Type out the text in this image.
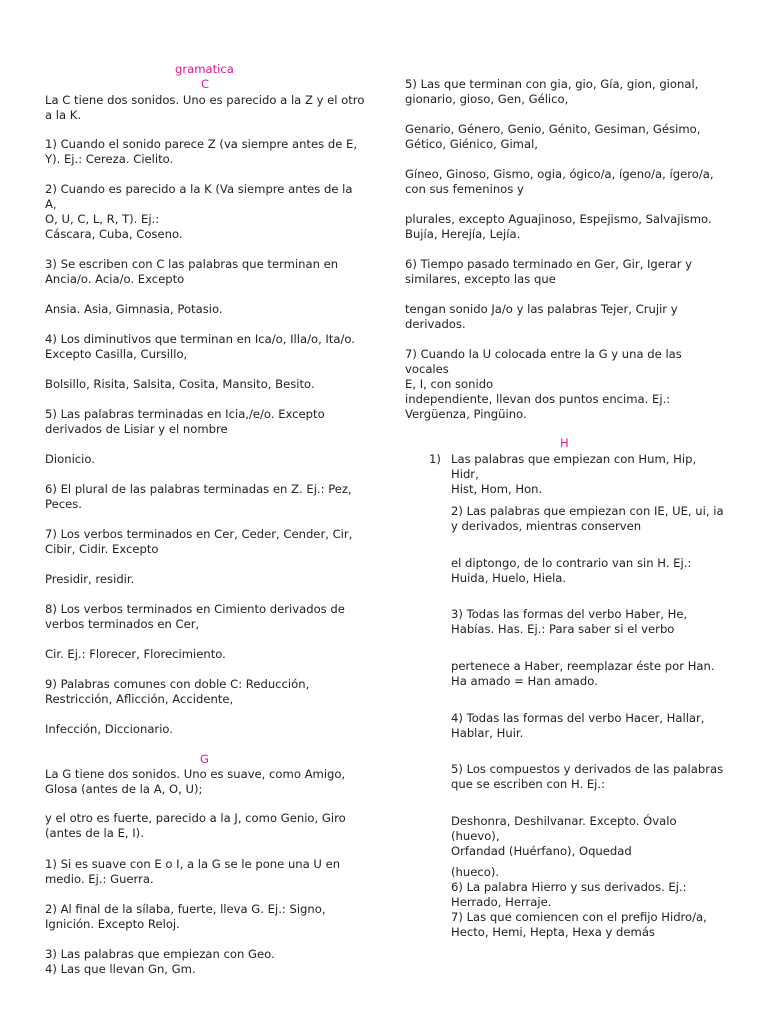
gramatica
C

La C tiene dos sonidos. Uno es parecido a la Z y el otro
a la K.

1) Cuando el sonido parece Z (va siempre antes de E,
Y). Ej.: Cereza. Cielito.

2) Cuando es parecido a la K (Va siempre antes de la A,
O, U, C, L, R, T). Ej.:

Cáscara, Cuba, Coseno.

3) Se escriben con C las palabras que terminan en
Ancia/o. Acia/o. Excepto

Ansia. Asia, Gimnasia, Potasio.

4) Los diminutivos que terminan en Ica/o, Illa/o, Ita/o.
Excepto Casilla, Cursillo,

Bolsillo, Risita, Salsita, Cosita, Mansito, Besito.

5) Las palabras terminadas en Icia,/e/o. Excepto
derivados de Lisiar y el nombre

Dionicio.

6) El plural de las palabras terminadas en Z. Ej.: Pez,
Peces.

7) Los verbos terminados en Cer, Ceder, Cender, Cir,
Cibir, Cidir. Excepto

Presidir, residir.

8) Los verbos terminados en Cimiento derivados de
verbos terminados en Cer,

Cir. Ej.: Florecer, Florecimiento.

9) Palabras comunes con doble C: Reducción,
Restricción, Aflicción, Accidente,

Infección, Diccionario.

G

La G tiene dos sonidos. Uno es suave, como Amigo,
Glosa (antes de la A, O, U);

y el otro es fuerte, parecido a la J, como Genio, Giro
(antes de la E, I).

1) Si es suave con E o I, a la G se le pone una U en
medio. Ej.: Guerra.

2) Al final de la sílaba, fuerte, lleva G. Ej.: Signo,
Ignición. Excepto Reloj.

3) Las palabras que empiezan con Geo.
4) Las que llevan Gn, Gm.

5) Las que terminan con gia, gio, Gía, gion, gional,
gionario, gioso, Gen, Gélico,

Genario, Género, Genio, Génito, Gesiman, Gésimo,
Gético, Giénico, Gimal,

Gíneo, Ginoso, Gismo, ogia, ógico/a, ígeno/a, ígero/a,
con sus femeninos y

plurales, excepto Aguajinoso, Espejismo, Salvajismo.
Bujía, Herejía, Lejía.

6) Tiempo pasado terminado en Ger, Gir, Igerar y
similares, excepto las que

tengan sonido Ja/o y las palabras Tejer, Crujir y
derivados.

7) Cuando la U colocada entre la G y una de las vocales
E, I, con sonido

independiente, llevan dos puntos encima. Ej.:
Vergüenza, Pingüino.

H
1) Las palabras que empiezan con Hum, Hip, Hidr,
Hist, Hom, Hon.

2) Las palabras que empiezan con IE, UE, ui, ia
y derivados, mientras conserven

el diptongo, de lo contrario van sin H. Ej.:
Huida, Huelo, Hiela.

3) Todas las formas del verbo Haber, He,
Habías. Has. Ej.: Para saber si el verbo

pertenece a Haber, reemplazar éste por Han.
Ha amado = Han amado.

4) Todas las formas del verbo Hacer, Hallar,
Hablar, Huir.

5) Los compuestos y derivados de las palabras
que se escriben con H. Ej.:

Deshonra, Deshilvanar. Excepto. Óvalo (huevo),
Orfandad (Huérfano), Oquedad

(hueco).
6) La palabra Hierro y sus derivados. Ej.:
Herrado, Herraje.
7) Las que comiencen con el prefijo Hidro/a,
Hecto, Hemi, Hepta, Hexa y demás
